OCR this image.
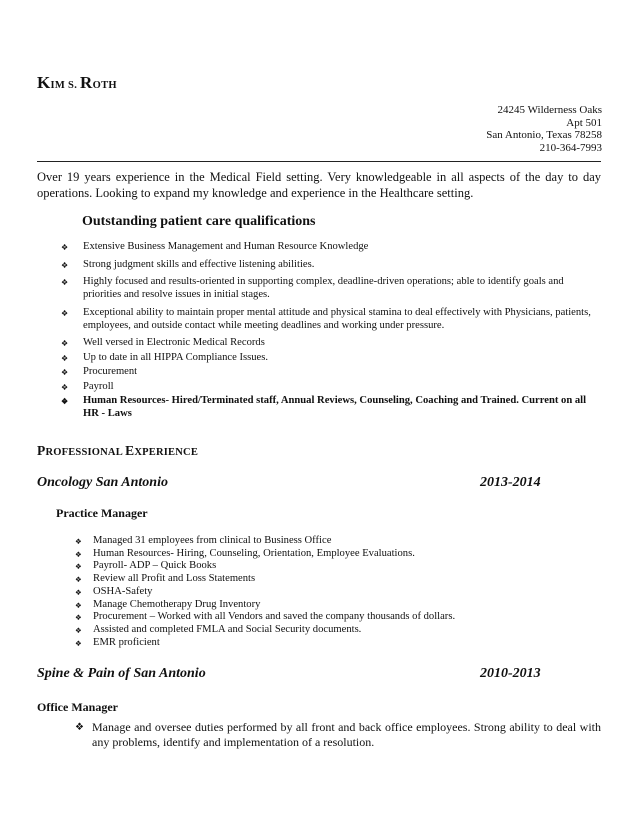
KIM S. ROTH
24245 Wilderness Oaks
Apt 501
San Antonio, Texas 78258
210-364-7993
Over 19 years experience in the Medical Field setting. Very knowledgeable in all aspects of the day to day operations. Looking to expand my knowledge and experience in the Healthcare setting.
Outstanding patient care qualifications
❖ Extensive Business Management and Human Resource Knowledge
❖ Strong judgment skills and effective listening abilities.
❖ Highly focused and results-oriented in supporting complex, deadline-driven operations; able to identify goals and priorities and resolve issues in initial stages.
❖ Exceptional ability to maintain proper mental attitude and physical stamina to deal effectively with Physicians, patients, employees, and outside contact while meeting deadlines and working under pressure.
❖ Well versed in Electronic Medical Records
❖ Up to date in all HIPPA Compliance Issues.
❖ Procurement
❖ Payroll
❖ Human Resources- Hired/Terminated staff, Annual Reviews, Counseling, Coaching and Trained. Current on all HR - Laws
PROFESSIONAL EXPERIENCE
Oncology San Antonio	2013-2014
Practice Manager
❖ Managed 31 employees from clinical to Business Office
❖ Human Resources- Hiring, Counseling, Orientation, Employee Evaluations.
❖ Payroll- ADP – Quick Books
❖ Review all Profit and Loss Statements
❖ OSHA-Safety
❖ Manage Chemotherapy Drug Inventory
❖ Procurement – Worked with all Vendors and saved the company thousands of dollars.
❖ Assisted and completed FMLA and Social Security documents.
❖ EMR proficient
Spine & Pain of San Antonio	2010-2013
Office Manager
❖ Manage and oversee duties performed by all front and back office employees. Strong ability to deal with any problems, identify and implementation of a resolution.
